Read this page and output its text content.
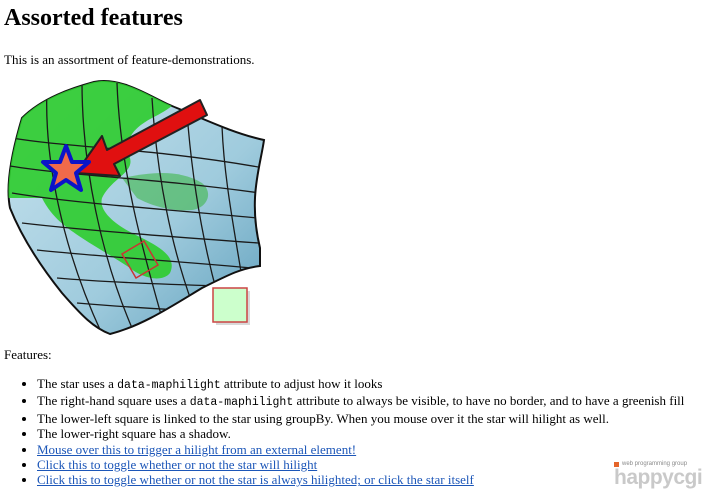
Assorted features

This is an assortment of feature-demonstrations.

Features:

• The star uses a data-maphilight attribute to adjust how it looks
• The right-hand square uses a data-maphilight attribute to always be visible, to have no border, and to have a greenish fill
• The lower-left square is linked to the star using groupBy. When you mouse over it the star will hilight as well.
• The lower-right square has a shadow.
• Mouse over this to trigger a hilight from an external element!
• Click this to toggle whether or not the star will hilight
• Click this to toggle whether or not the star is always hilighted; or click the star itself
web programming group
happycgi
